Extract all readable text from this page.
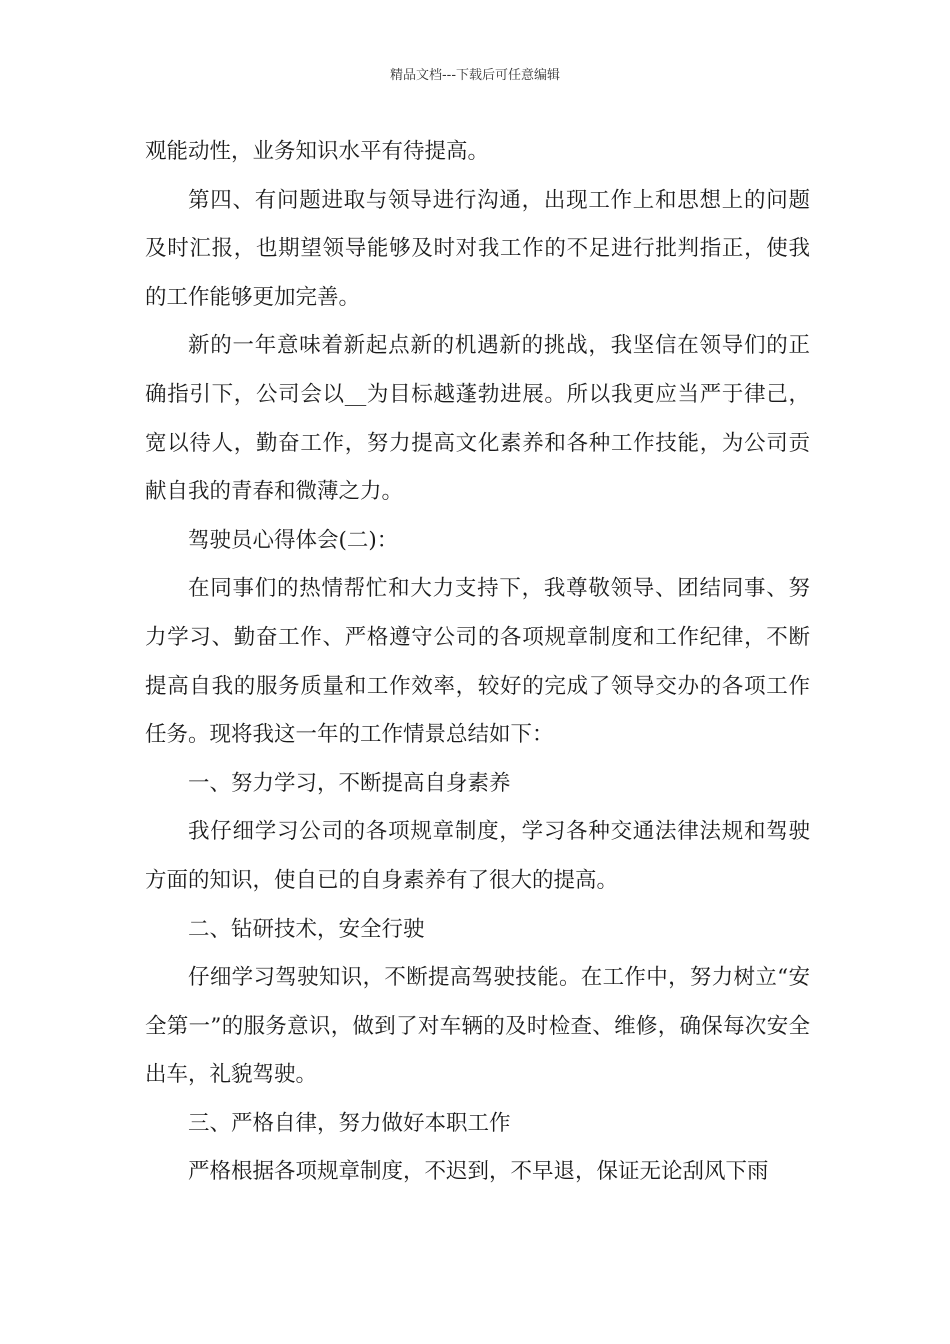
精品文档---下载后可任意编辑

观能动性，业务知识水平有待提高。

第四、有问题进取与领导进行沟通，出现工作上和思想上的问题及时汇报，也期望领导能够及时对我工作的不足进行批判指正，使我的工作能够更加完善。

新的一年意味着新起点新的机遇新的挑战，我坚信在领导们的正确指引下，公司会以__为目标越蓬勃进展。所以我更应当严于律己，宽以待人，勤奋工作，努力提高文化素养和各种工作技能，为公司贡献自我的青春和微薄之力。

驾驶员心得体会(二)：

在同事们的热情帮忙和大力支持下，我尊敬领导、团结同事、努力学习、勤奋工作、严格遵守公司的各项规章制度和工作纪律，不断提高自我的服务质量和工作效率，较好的完成了领导交办的各项工作任务。现将我这一年的工作情景总结如下：

一、努力学习，不断提高自身素养

我仔细学习公司的各项规章制度，学习各种交通法律法规和驾驶方面的知识，使自已的自身素养有了很大的提高。

二、钻研技术，安全行驶

仔细学习驾驶知识，不断提高驾驶技能。在工作中，努力树立“安全第一”的服务意识，做到了对车辆的及时检查、维修，确保每次安全出车，礼貌驾驶。

三、严格自律，努力做好本职工作

严格根据各项规章制度，不迟到，不早退，保证无论刮风下雨
